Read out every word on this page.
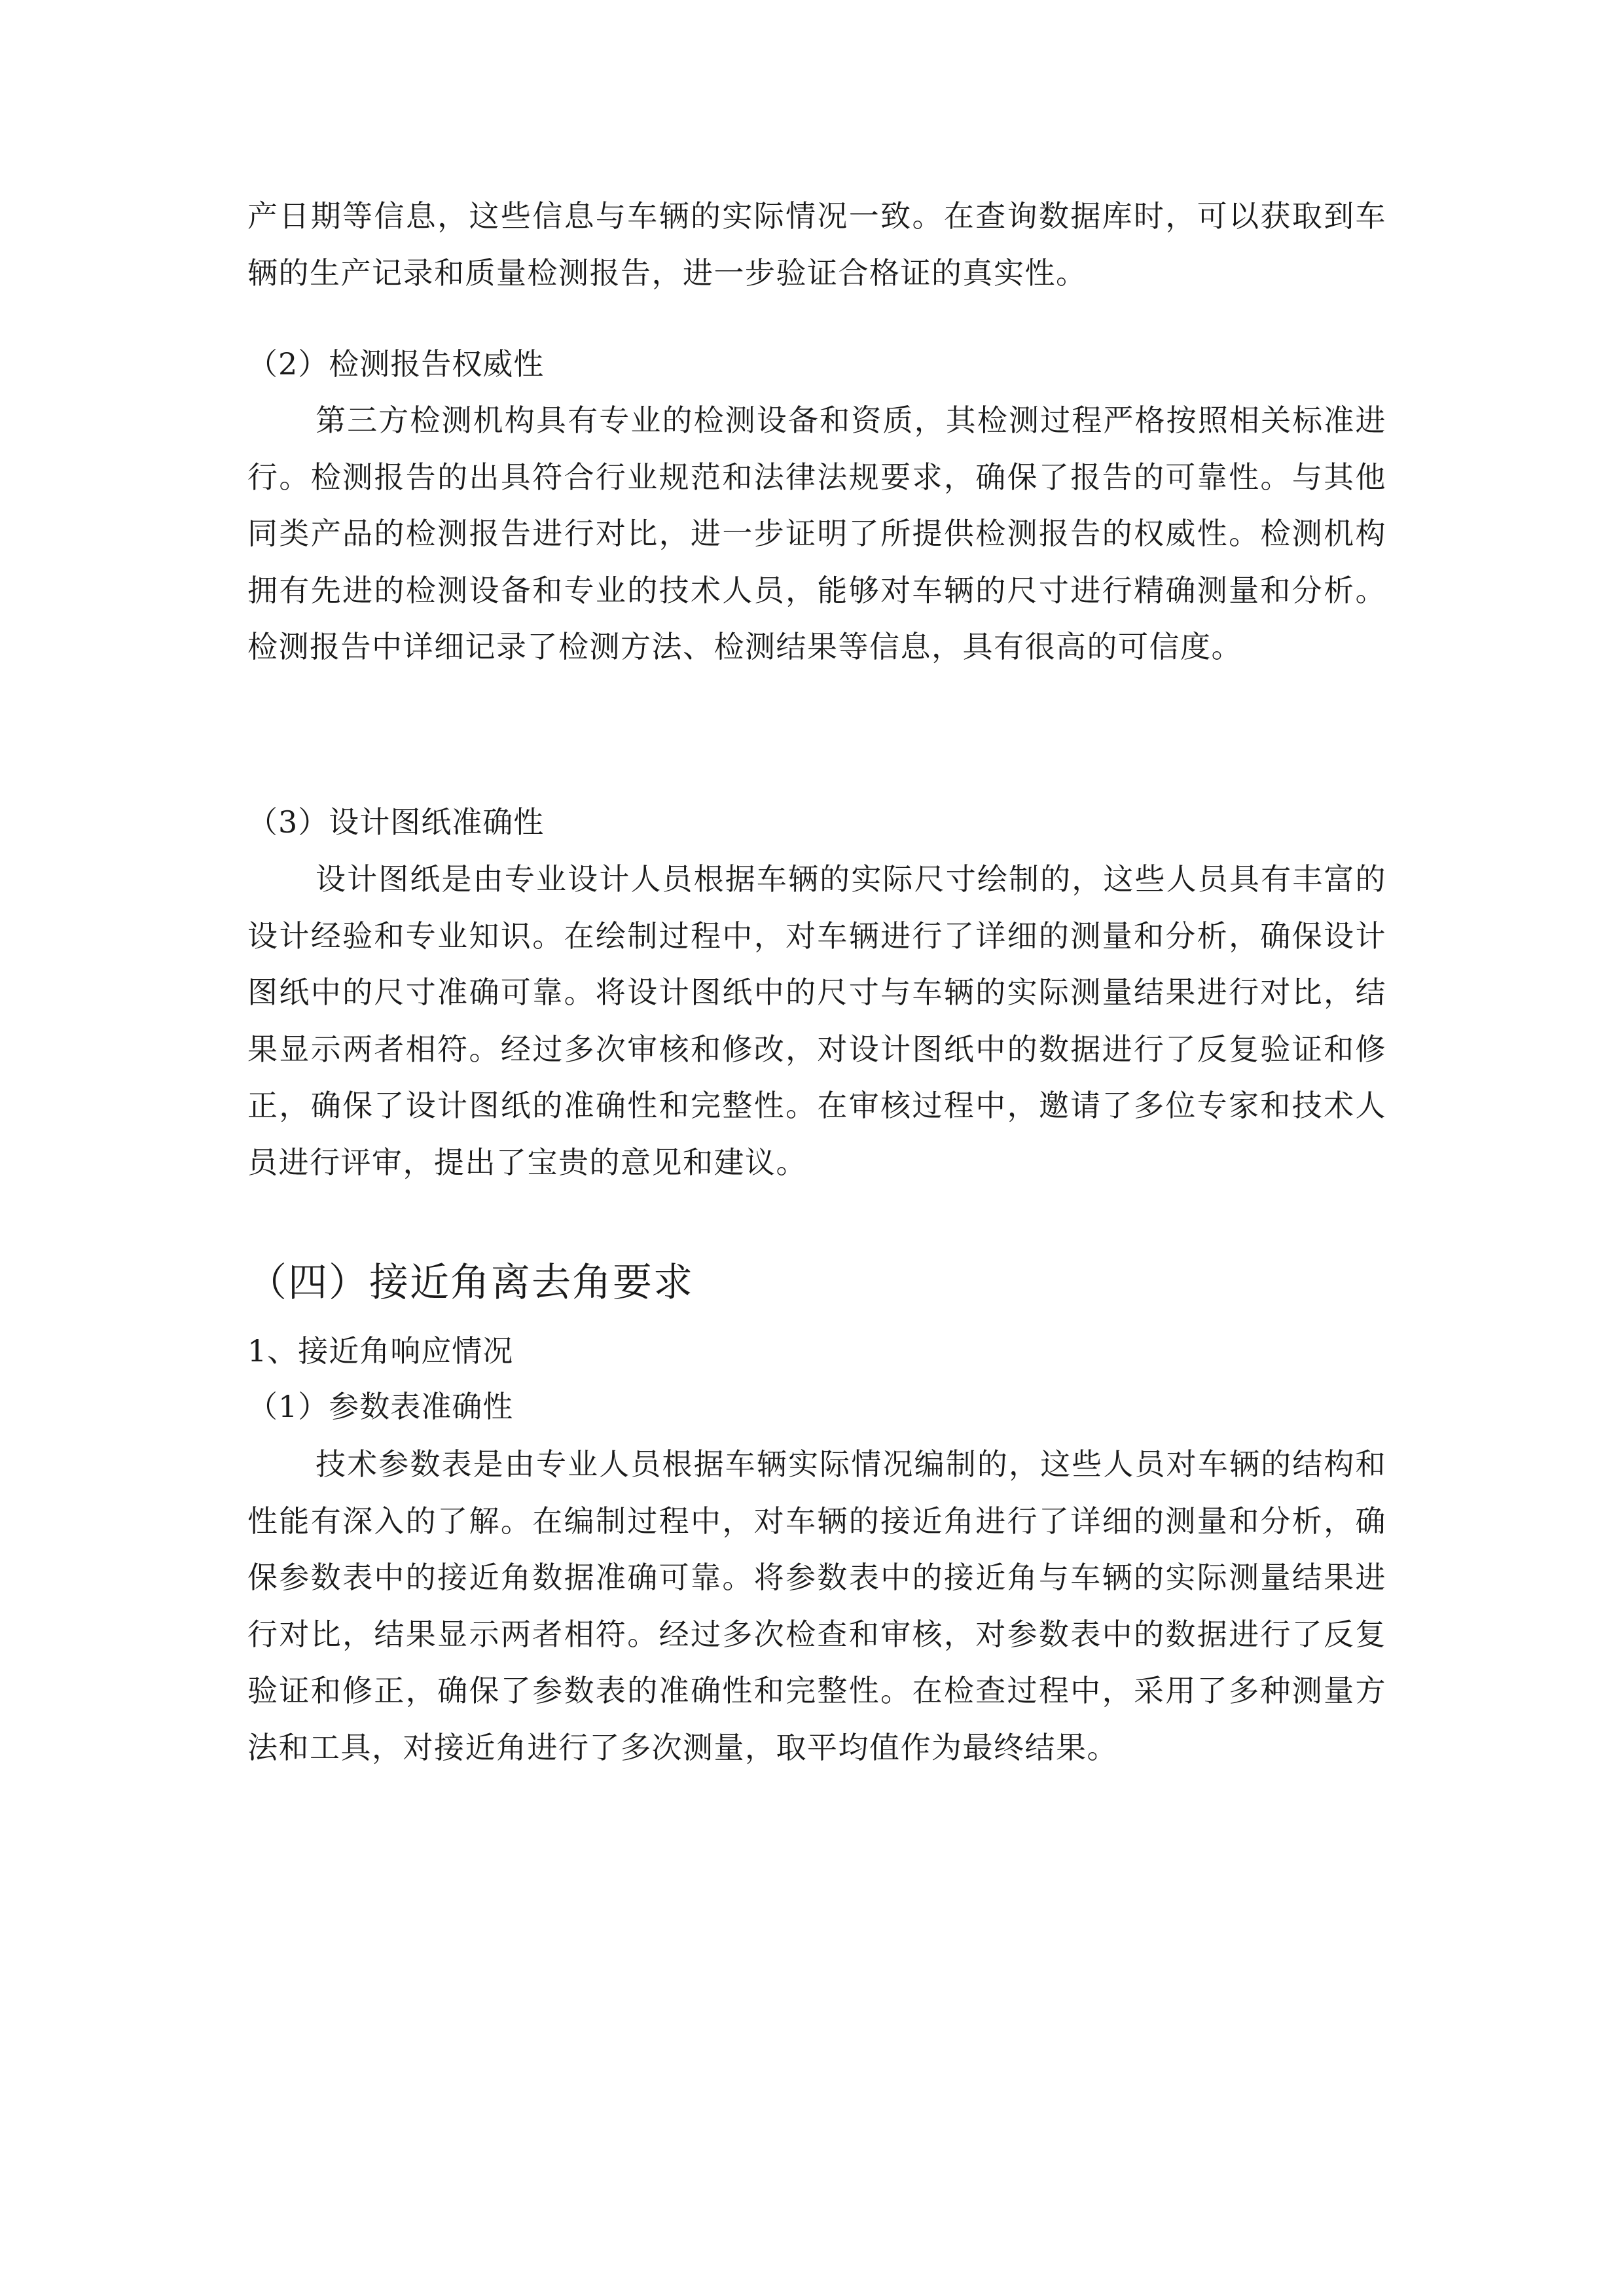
产日期等信息，这些信息与车辆的实际情况一致。在查询数据库时，可以获取到车辆的生产记录和质量检测报告，进一步验证合格证的真实性。

（2）检测报告权威性

第三方检测机构具有专业的检测设备和资质，其检测过程严格按照相关标准进行。检测报告的出具符合行业规范和法律法规要求，确保了报告的可靠性。与其他同类产品的检测报告进行对比，进一步证明了所提供检测报告的权威性。检测机构拥有先进的检测设备和专业的技术人员，能够对车辆的尺寸进行精确测量和分析。检测报告中详细记录了检测方法、检测结果等信息，具有很高的可信度。

（3）设计图纸准确性

设计图纸是由专业设计人员根据车辆的实际尺寸绘制的，这些人员具有丰富的设计经验和专业知识。在绘制过程中，对车辆进行了详细的测量和分析，确保设计图纸中的尺寸准确可靠。将设计图纸中的尺寸与车辆的实际测量结果进行对比，结果显示两者相符。经过多次审核和修改，对设计图纸中的数据进行了反复验证和修正，确保了设计图纸的准确性和完整性。在审核过程中，邀请了多位专家和技术人员进行评审，提出了宝贵的意见和建议。

（四）接近角离去角要求

1、接近角响应情况

（1）参数表准确性

技术参数表是由专业人员根据车辆实际情况编制的，这些人员对车辆的结构和性能有深入的了解。在编制过程中，对车辆的接近角进行了详细的测量和分析，确保参数表中的接近角数据准确可靠。将参数表中的接近角与车辆的实际测量结果进行对比，结果显示两者相符。经过多次检查和审核，对参数表中的数据进行了反复验证和修正，确保了参数表的准确性和完整性。在检查过程中，采用了多种测量方法和工具，对接近角进行了多次测量，取平均值作为最终结果。
